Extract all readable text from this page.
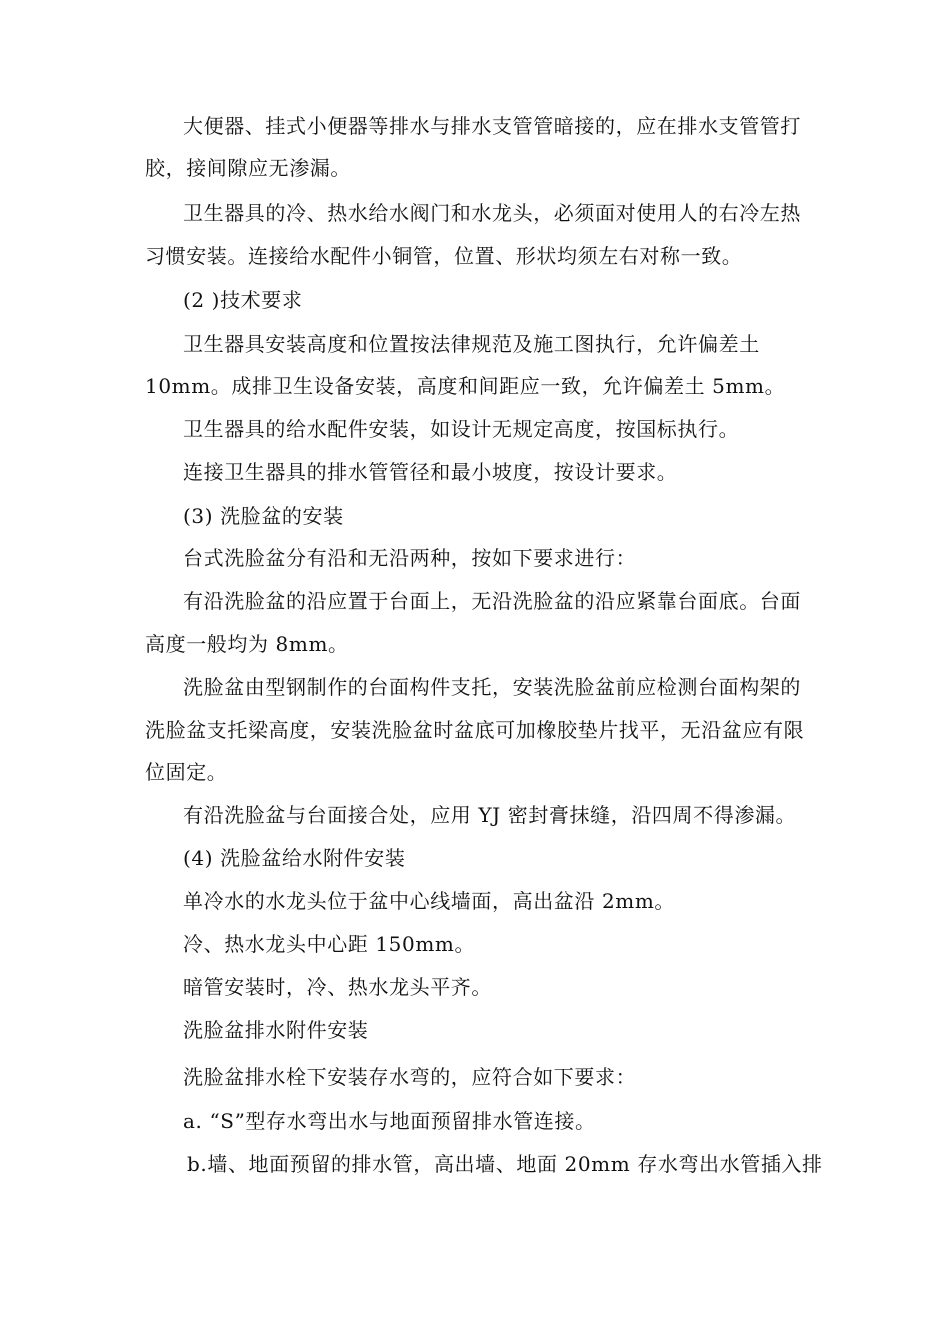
大便器、挂式小便器等排水与排水支管管暗接的，应在排水支管管打
胶，接间隙应无渗漏。
卫生器具的冷、热水给水阀门和水龙头，必须面对使用人的右冷左热
习惯安装。连接给水配件小铜管，位置、形状均须左右对称一致。
(2 )技术要求
卫生器具安装高度和位置按法律规范及施工图执行，允许偏差土
10mm。成排卫生设备安装，高度和间距应一致，允许偏差土 5mm。
卫生器具的给水配件安装，如设计无规定高度，按国标执行。
连接卫生器具的排水管管径和最小坡度，按设计要求。
(3) 洗脸盆的安装
台式洗脸盆分有沿和无沿两种，按如下要求进行：
有沿洗脸盆的沿应置于台面上，无沿洗脸盆的沿应紧靠台面底。台面
高度一般均为 8mm。
洗脸盆由型钢制作的台面构件支托，安装洗脸盆前应检测台面构架的
洗脸盆支托梁高度，安装洗脸盆时盆底可加橡胶垫片找平，无沿盆应有限
位固定。
有沿洗脸盆与台面接合处，应用 YJ 密封膏抹缝，沿四周不得渗漏。
(4) 洗脸盆给水附件安装
单冷水的水龙头位于盆中心线墙面，高出盆沿 2mm。
冷、热水龙头中心距 150mm。
暗管安装时，冷、热水龙头平齐。
洗脸盆排水附件安装
洗脸盆排水栓下安装存水弯的，应符合如下要求：
a. “S”型存水弯出水与地面预留排水管连接。
b.墙、地面预留的排水管，高出墙、地面 20mm 存水弯出水管插入排
